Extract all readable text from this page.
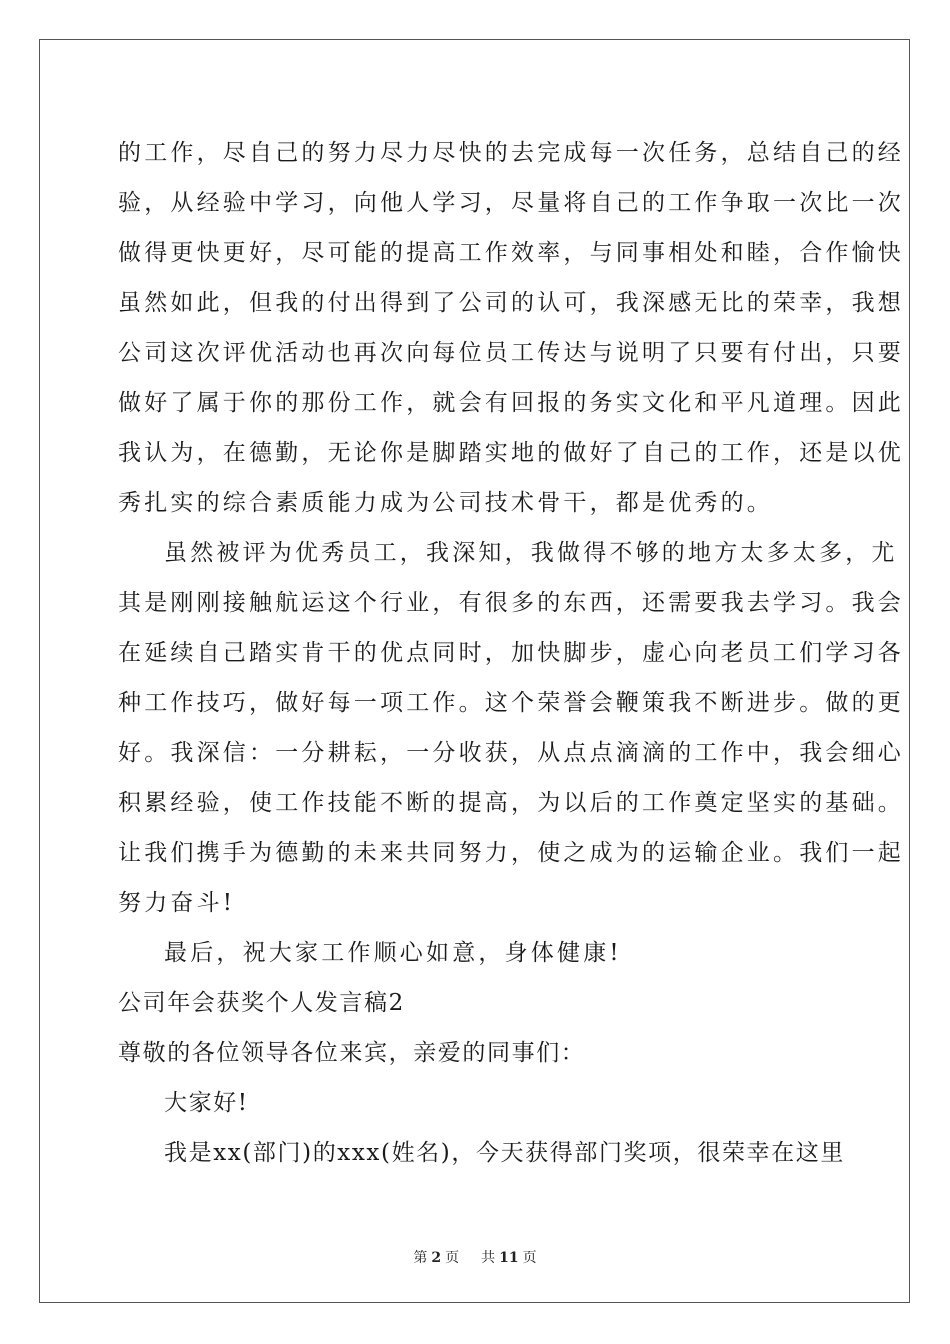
的工作，尽自己的努力尽力尽快的去完成每一次任务，总结自己的经
验，从经验中学习，向他人学习，尽量将自己的工作争取一次比一次
做得更快更好，尽可能的提高工作效率，与同事相处和睦，合作愉快
虽然如此，但我的付出得到了公司的认可，我深感无比的荣幸，我想
公司这次评优活动也再次向每位员工传达与说明了只要有付出，只要
做好了属于你的那份工作，就会有回报的务实文化和平凡道理。因此
我认为，在德勤，无论你是脚踏实地的做好了自己的工作，还是以优
秀扎实的综合素质能力成为公司技术骨干，都是优秀的。
虽然被评为优秀员工，我深知，我做得不够的地方太多太多，尤
其是刚刚接触航运这个行业，有很多的东西，还需要我去学习。我会
在延续自己踏实肯干的优点同时，加快脚步，虚心向老员工们学习各
种工作技巧，做好每一项工作。这个荣誉会鞭策我不断进步。做的更
好。我深信：一分耕耘，一分收获，从点点滴滴的工作中，我会细心
积累经验，使工作技能不断的提高，为以后的工作奠定坚实的基础。
让我们携手为德勤的未来共同努力，使之成为的运输企业。我们一起
努力奋斗!
最后，祝大家工作顺心如意，身体健康!
公司年会获奖个人发言稿2
尊敬的各位领导各位来宾，亲爱的同事们：
大家好!
我是xx(部门)的xxx(姓名)，今天获得部门奖项，很荣幸在这里
第 2 页 共 11 页
